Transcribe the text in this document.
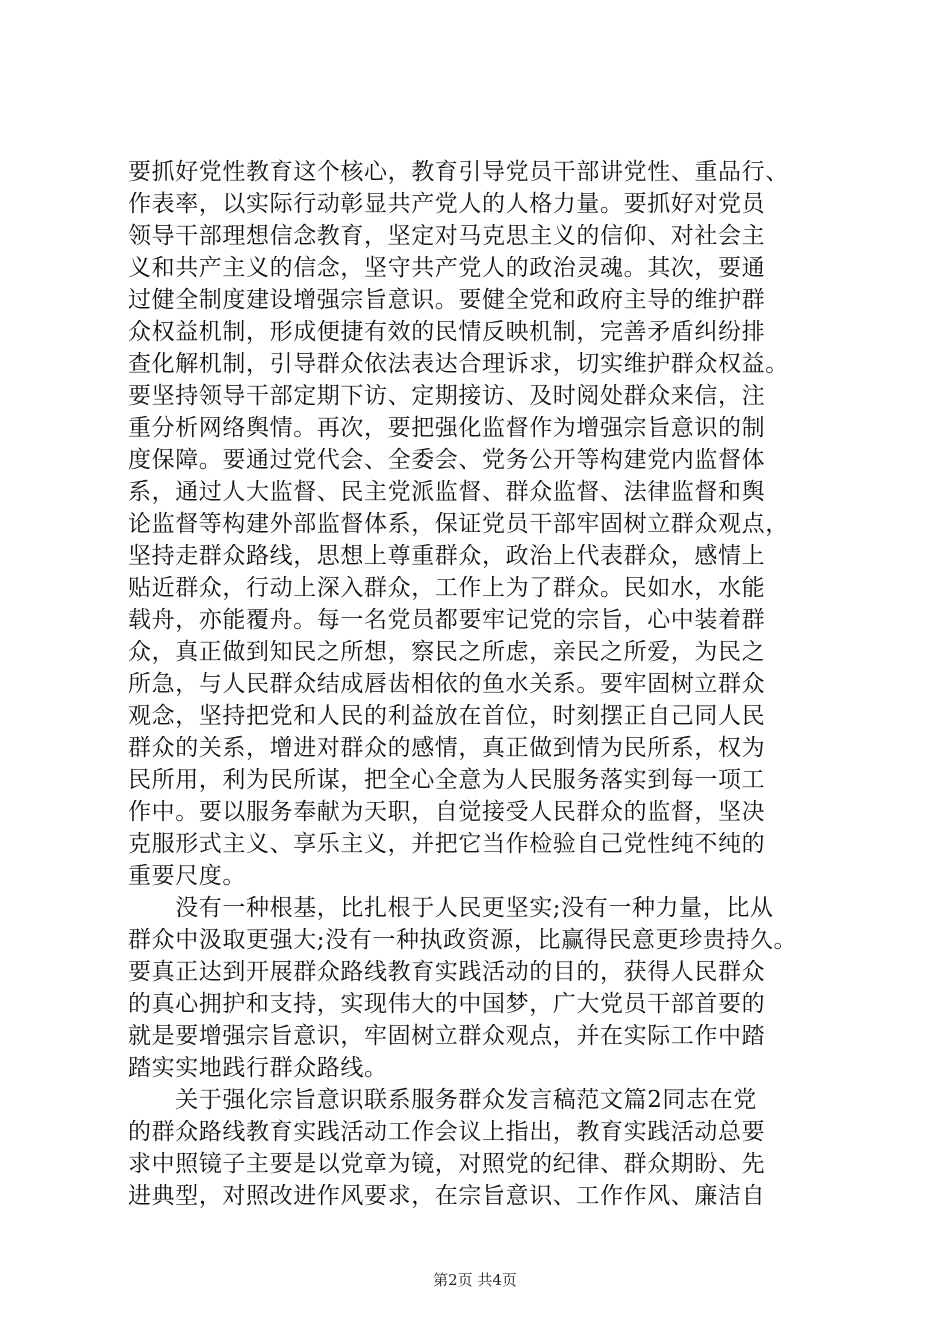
要抓好党性教育这个核心，教育引导党员干部讲党性、重品行、
作表率，以实际行动彰显共产党人的人格力量。要抓好对党员
领导干部理想信念教育，坚定对马克思主义的信仰、对社会主
义和共产主义的信念，坚守共产党人的政治灵魂。其次，要通
过健全制度建设增强宗旨意识。要健全党和政府主导的维护群
众权益机制，形成便捷有效的民情反映机制，完善矛盾纠纷排
查化解机制，引导群众依法表达合理诉求，切实维护群众权益。
要坚持领导干部定期下访、定期接访、及时阅处群众来信，注
重分析网络舆情。再次，要把强化监督作为增强宗旨意识的制
度保障。要通过党代会、全委会、党务公开等构建党内监督体
系，通过人大监督、民主党派监督、群众监督、法律监督和舆
论监督等构建外部监督体系，保证党员干部牢固树立群众观点，
坚持走群众路线，思想上尊重群众，政治上代表群众，感情上
贴近群众，行动上深入群众，工作上为了群众。民如水，水能
载舟，亦能覆舟。每一名党员都要牢记党的宗旨，心中装着群
众，真正做到知民之所想，察民之所虑，亲民之所爱，为民之
所急，与人民群众结成唇齿相依的鱼水关系。要牢固树立群众
观念，坚持把党和人民的利益放在首位，时刻摆正自己同人民
群众的关系，增进对群众的感情，真正做到情为民所系，权为
民所用，利为民所谋，把全心全意为人民服务落实到每一项工
作中。要以服务奉献为天职，自觉接受人民群众的监督，坚决
克服形式主义、享乐主义，并把它当作检验自己党性纯不纯的
重要尺度。
　　没有一种根基，比扎根于人民更坚实;没有一种力量，比从
群众中汲取更强大;没有一种执政资源，比赢得民意更珍贵持久。
要真正达到开展群众路线教育实践活动的目的，获得人民群众
的真心拥护和支持，实现伟大的中国梦，广大党员干部首要的
就是要增强宗旨意识，牢固树立群众观点，并在实际工作中踏
踏实实地践行群众路线。
　　关于强化宗旨意识联系服务群众发言稿范文篇2同志在党
的群众路线教育实践活动工作会议上指出，教育实践活动总要
求中照镜子主要是以党章为镜，对照党的纪律、群众期盼、先
进典型，对照改进作风要求，在宗旨意识、工作作风、廉洁自
第2页 共4页
